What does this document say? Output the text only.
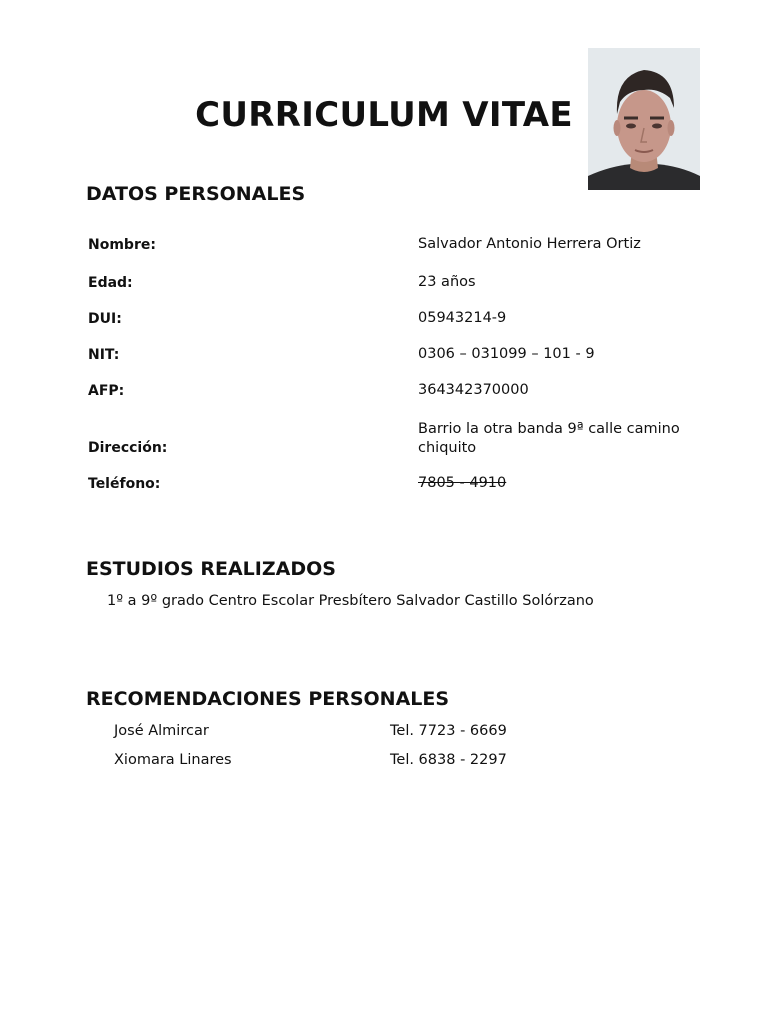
CURRICULUM VITAE
DATOS PERSONALES
Nombre:	Salvador Antonio Herrera Ortiz
Edad:	23 años
DUI:	05943214-9
NIT:	0306 – 031099 – 101 - 9
AFP:	364342370000
Dirección:
Barrio la otra banda 9ª calle camino chiquito
Teléfono:	7805 - 4910
ESTUDIOS REALIZADOS
1º a 9º grado Centro Escolar Presbítero Salvador Castillo Solórzano
RECOMENDACIONES PERSONALES
José Almircar	Tel. 7723 - 6669
Xiomara Linares	Tel. 6838 - 2297
